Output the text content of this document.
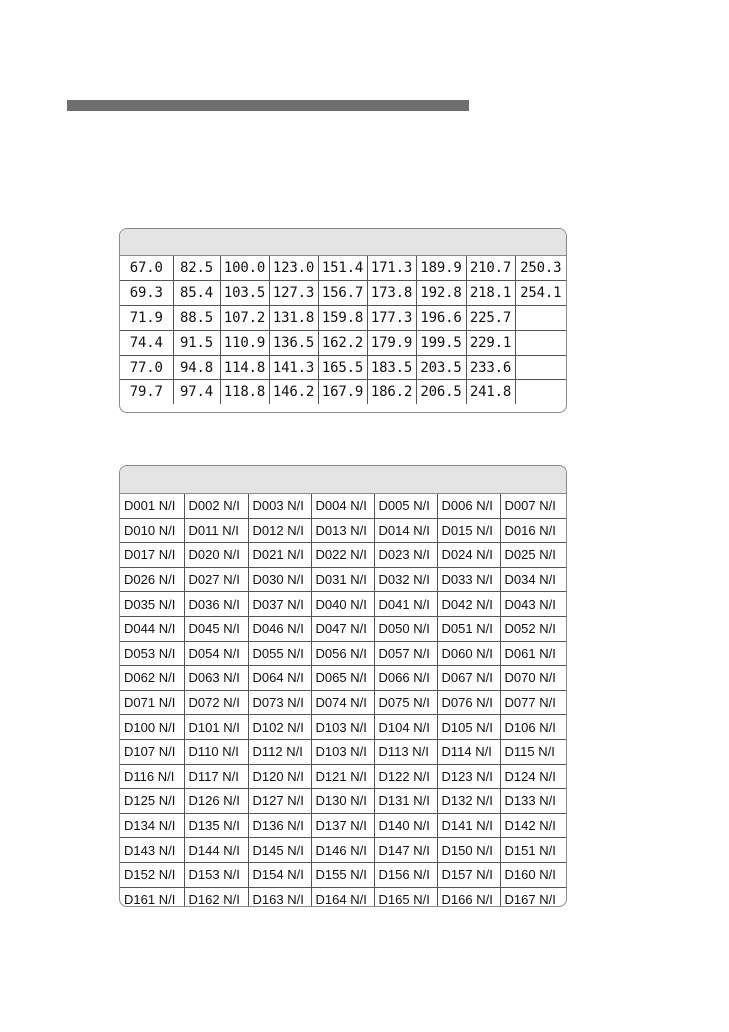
67.0	82.5	100.0	123.0	151.4	171.3	189.9	210.7	250.3
69.3	85.4	103.5	127.3	156.7	173.8	192.8	218.1	254.1
71.9	88.5	107.2	131.8	159.8	177.3	196.6	225.7	
74.4	91.5	110.9	136.5	162.2	179.9	199.5	229.1	
77.0	94.8	114.8	141.3	165.5	183.5	203.5	233.6	
79.7	97.4	118.8	146.2	167.9	186.2	206.5	241.8	
D001 N/I	D002 N/I	D003 N/I	D004 N/I	D005 N/I	D006 N/I	D007 N/I
D010 N/I	D011 N/I	D012 N/I	D013 N/I	D014 N/I	D015 N/I	D016 N/I
D017 N/I	D020 N/I	D021 N/I	D022 N/I	D023 N/I	D024 N/I	D025 N/I
D026 N/I	D027 N/I	D030 N/I	D031 N/I	D032 N/I	D033 N/I	D034 N/I
D035 N/I	D036 N/I	D037 N/I	D040 N/I	D041 N/I	D042 N/I	D043 N/I
D044 N/I	D045 N/I	D046 N/I	D047 N/I	D050 N/I	D051 N/I	D052 N/I
D053 N/I	D054 N/I	D055 N/I	D056 N/I	D057 N/I	D060 N/I	D061 N/I
D062 N/I	D063 N/I	D064 N/I	D065 N/I	D066 N/I	D067 N/I	D070 N/I
D071 N/I	D072 N/I	D073 N/I	D074 N/I	D075 N/I	D076 N/I	D077 N/I
D100 N/I	D101 N/I	D102 N/I	D103 N/I	D104 N/I	D105 N/I	D106 N/I
D107 N/I	D110 N/I	D112 N/I	D103 N/I	D113 N/I	D114 N/I	D115 N/I
D116 N/I	D117 N/I	D120 N/I	D121 N/I	D122 N/I	D123 N/I	D124 N/I
D125 N/I	D126 N/I	D127 N/I	D130 N/I	D131 N/I	D132 N/I	D133 N/I
D134 N/I	D135 N/I	D136 N/I	D137 N/I	D140 N/I	D141 N/I	D142 N/I
D143 N/I	D144 N/I	D145 N/I	D146 N/I	D147 N/I	D150 N/I	D151 N/I
D152 N/I	D153 N/I	D154 N/I	D155 N/I	D156 N/I	D157 N/I	D160 N/I
D161 N/I	D162 N/I	D163 N/I	D164 N/I	D165 N/I	D166 N/I	D167 N/I
